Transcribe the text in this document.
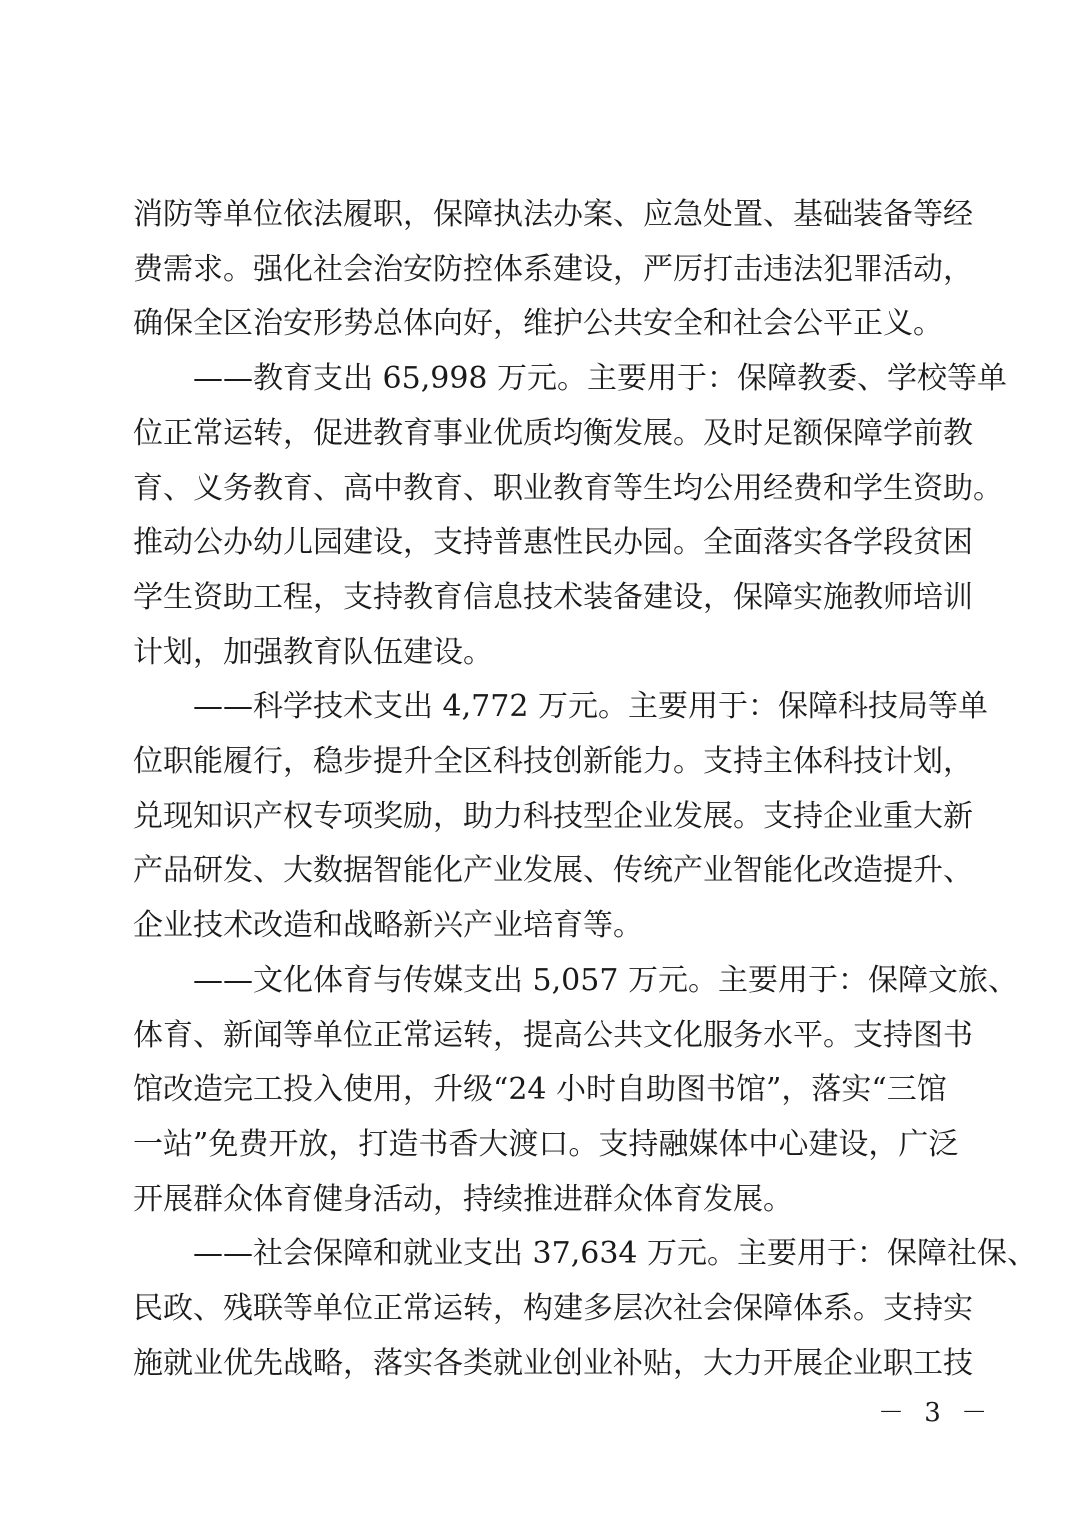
消防等单位依法履职，保障执法办案、应急处置、基础装备等经
费需求。强化社会治安防控体系建设，严厉打击违法犯罪活动，
确保全区治安形势总体向好，维护公共安全和社会公平正义。
　　——教育支出 65,998 万元。主要用于：保障教委、学校等单
位正常运转，促进教育事业优质均衡发展。及时足额保障学前教
育、义务教育、高中教育、职业教育等生均公用经费和学生资助。
推动公办幼儿园建设，支持普惠性民办园。全面落实各学段贫困
学生资助工程，支持教育信息技术装备建设，保障实施教师培训
计划，加强教育队伍建设。
　　——科学技术支出 4,772 万元。主要用于：保障科技局等单
位职能履行，稳步提升全区科技创新能力。支持主体科技计划，
兑现知识产权专项奖励，助力科技型企业发展。支持企业重大新
产品研发、大数据智能化产业发展、传统产业智能化改造提升、
企业技术改造和战略新兴产业培育等。
　　——文化体育与传媒支出 5,057 万元。主要用于：保障文旅、
体育、新闻等单位正常运转，提高公共文化服务水平。支持图书
馆改造完工投入使用，升级“24 小时自助图书馆”，落实“三馆
一站”免费开放，打造书香大渡口。支持融媒体中心建设，广泛
开展群众体育健身活动，持续推进群众体育发展。
　　——社会保障和就业支出 37,634 万元。主要用于：保障社保、
民政、残联等单位正常运转，构建多层次社会保障体系。支持实
施就业优先战略，落实各类就业创业补贴，大力开展企业职工技
－ 3 －
